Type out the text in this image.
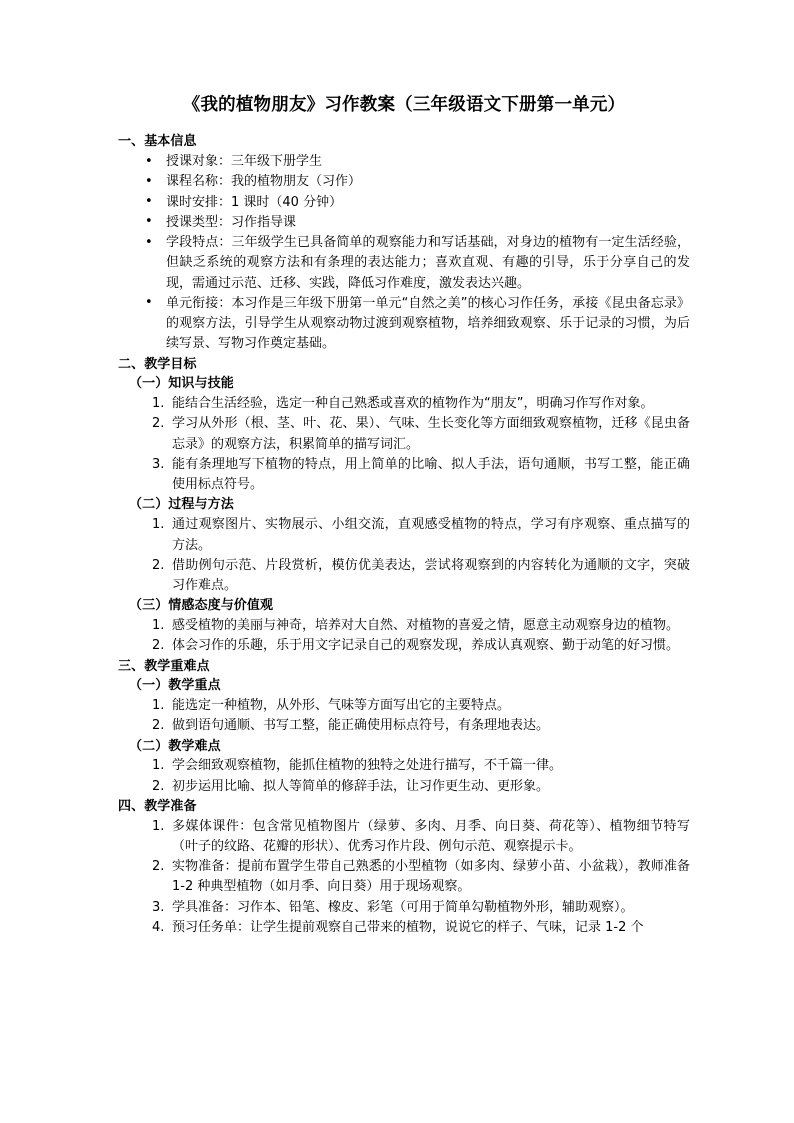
《我的植物朋友》习作教案（三年级语文下册第一单元）
一、基本信息
• 授课对象：三年级下册学生
• 课程名称：我的植物朋友（习作）
• 课时安排：1 课时（40 分钟）
• 授课类型：习作指导课
• 学段特点：三年级学生已具备简单的观察能力和写话基础，对身边的植物有一定生活经验，但缺乏系统的观察方法和有条理的表达能力；喜欢直观、有趣的引导，乐于分享自己的发现，需通过示范、迁移、实践，降低习作难度，激发表达兴趣。
• 单元衔接：本习作是三年级下册第一单元“自然之美”的核心习作任务，承接《昆虫备忘录》的观察方法，引导学生从观察动物过渡到观察植物，培养细致观察、乐于记录的习惯，为后续写景、写物习作奠定基础。
二、教学目标
（一）知识与技能
能结合生活经验，选定一种自己熟悉或喜欢的植物作为“朋友”，明确习作写作对象。
学习从外形（根、茎、叶、花、果）、气味、生长变化等方面细致观察植物，迁移《昆虫备忘录》的观察方法，积累简单的描写词汇。
能有条理地写下植物的特点，用上简单的比喻、拟人手法，语句通顺，书写工整，能正确使用标点符号。
（二）过程与方法
通过观察图片、实物展示、小组交流，直观感受植物的特点，学习有序观察、重点描写的方法。
借助例句示范、片段赏析，模仿优美表达，尝试将观察到的内容转化为通顺的文字，突破习作难点。
（三）情感态度与价值观
感受植物的美丽与神奇，培养对大自然、对植物的喜爱之情，愿意主动观察身边的植物。
体会习作的乐趣，乐于用文字记录自己的观察发现，养成认真观察、勤于动笔的好习惯。
三、教学重难点
（一）教学重点
能选定一种植物，从外形、气味等方面写出它的主要特点。
做到语句通顺、书写工整，能正确使用标点符号，有条理地表达。
（二）教学难点
学会细致观察植物，能抓住植物的独特之处进行描写，不千篇一律。
初步运用比喻、拟人等简单的修辞手法，让习作更生动、更形象。
四、教学准备
多媒体课件：包含常见植物图片（绿萝、多肉、月季、向日葵、荷花等）、植物细节特写（叶子的纹路、花瓣的形状）、优秀习作片段、例句示范、观察提示卡。
实物准备：提前布置学生带自己熟悉的小型植物（如多肉、绿萝小苗、小盆栽），教师准备 1-2 种典型植物（如月季、向日葵）用于现场观察。
学具准备：习作本、铅笔、橡皮、彩笔（可用于简单勾勒植物外形，辅助观察）。
预习任务单：让学生提前观察自己带来的植物，说说它的样子、气味，记录 1-2 个
